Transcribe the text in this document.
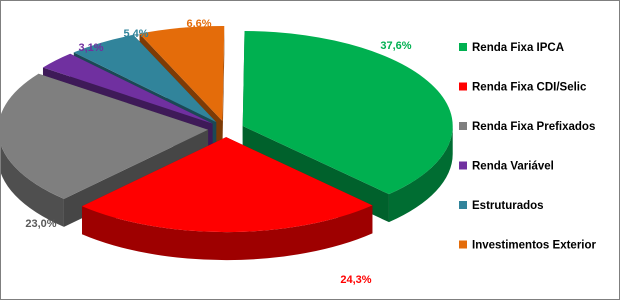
37,6%
24,3%
23,0%
3,1%
5,4%
6,6%
Renda Fixa IPCA
Renda Fixa CDI/Selic
Renda Fixa Prefixados
Renda Variável
Estruturados
Investimentos Exterior
